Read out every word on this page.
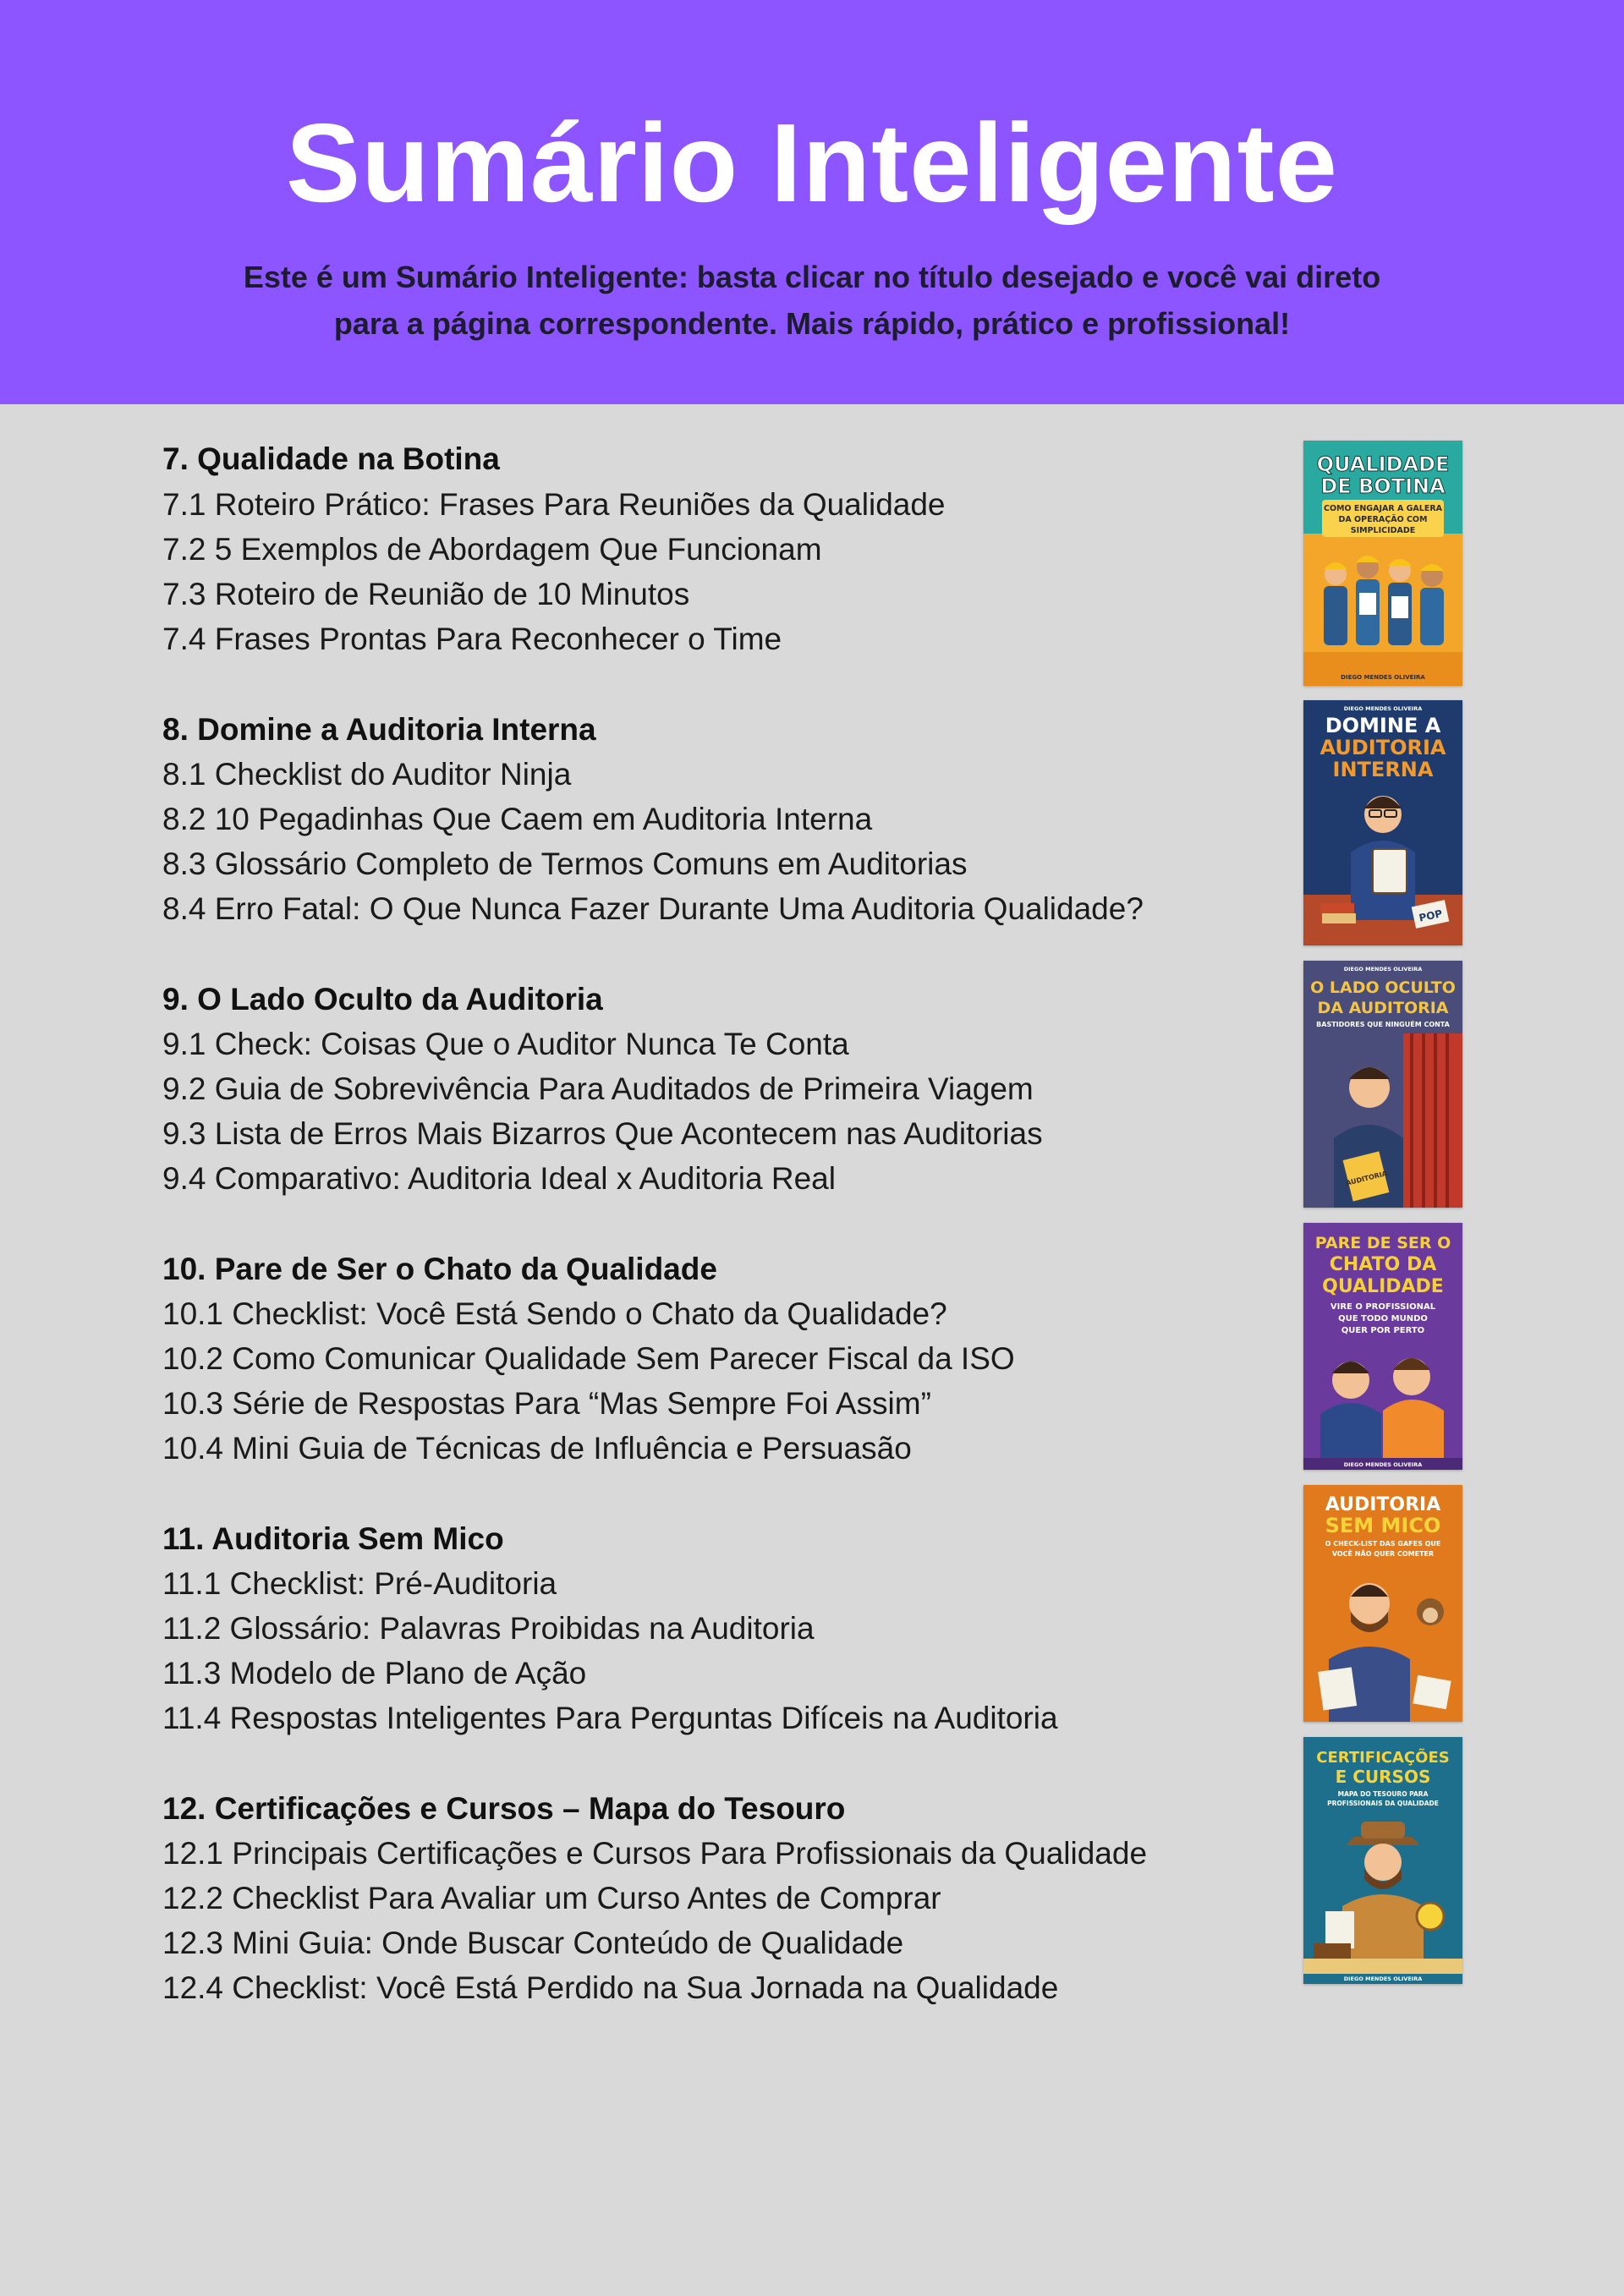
Sumário Inteligente
Este é um Sumário Inteligente: basta clicar no título desejado e você vai direto
para a página correspondente. Mais rápido, prático e profissional!
7. Qualidade na Botina
7.1 Roteiro Prático: Frases Para Reuniões da Qualidade
7.2 5 Exemplos de Abordagem Que Funcionam
7.3 Roteiro de Reunião de 10 Minutos
7.4 Frases Prontas Para Reconhecer o Time
8. Domine a Auditoria Interna
8.1 Checklist do Auditor Ninja
8.2 10 Pegadinhas Que Caem em Auditoria Interna
8.3 Glossário Completo de Termos Comuns em Auditorias
8.4 Erro Fatal: O Que Nunca Fazer Durante Uma Auditoria Qualidade?
9. O Lado Oculto da Auditoria
9.1 Check: Coisas Que o Auditor Nunca Te Conta
9.2 Guia de Sobrevivência Para Auditados de Primeira Viagem
9.3 Lista de Erros Mais Bizarros Que Acontecem nas Auditorias
9.4 Comparativo: Auditoria Ideal x Auditoria Real
10. Pare de Ser o Chato da Qualidade
10.1 Checklist: Você Está Sendo o Chato da Qualidade?
10.2 Como Comunicar Qualidade Sem Parecer Fiscal da ISO
10.3 Série de Respostas Para “Mas Sempre Foi Assim”
10.4 Mini Guia de Técnicas de Influência e Persuasão
11. Auditoria Sem Mico
11.1 Checklist: Pré-Auditoria
11.2 Glossário: Palavras Proibidas na Auditoria
11.3 Modelo de Plano de Ação
11.4 Respostas Inteligentes Para Perguntas Difíceis na Auditoria
12. Certificações e Cursos – Mapa do Tesouro
12.1 Principais Certificações e Cursos Para Profissionais da Qualidade
12.2 Checklist Para Avaliar um Curso Antes de Comprar
12.3 Mini Guia: Onde Buscar Conteúdo de Qualidade
12.4 Checklist: Você Está Perdido na Sua Jornada na Qualidade
QUALIDADE
DE BOTINA
COMO ENGAJAR A GALERA
DA OPERAÇÃO COM
SIMPLICIDADE
DIEGO MENDES OLIVEIRA
DIEGO MENDES OLIVEIRA
DOMINE A
AUDITORIA
INTERNA
POP
DIEGO MENDES OLIVEIRA
O LADO OCULTO
DA AUDITORIA
BASTIDORES QUE NINGUÉM CONTA
AUDITORIA
PARE DE SER O
CHATO DA
QUALIDADE
VIRE O PROFISSIONAL
QUE TODO MUNDO
QUER POR PERTO
DIEGO MENDES OLIVEIRA
AUDITORIA
SEM MICO
O CHECK-LIST DAS GAFES QUE
VOCÊ NÃO QUER COMETER
CERTIFICAÇÕES
E CURSOS
MAPA DO TESOURO PARA
PROFISSIONAIS DA QUALIDADE
DIEGO MENDES OLIVEIRA
